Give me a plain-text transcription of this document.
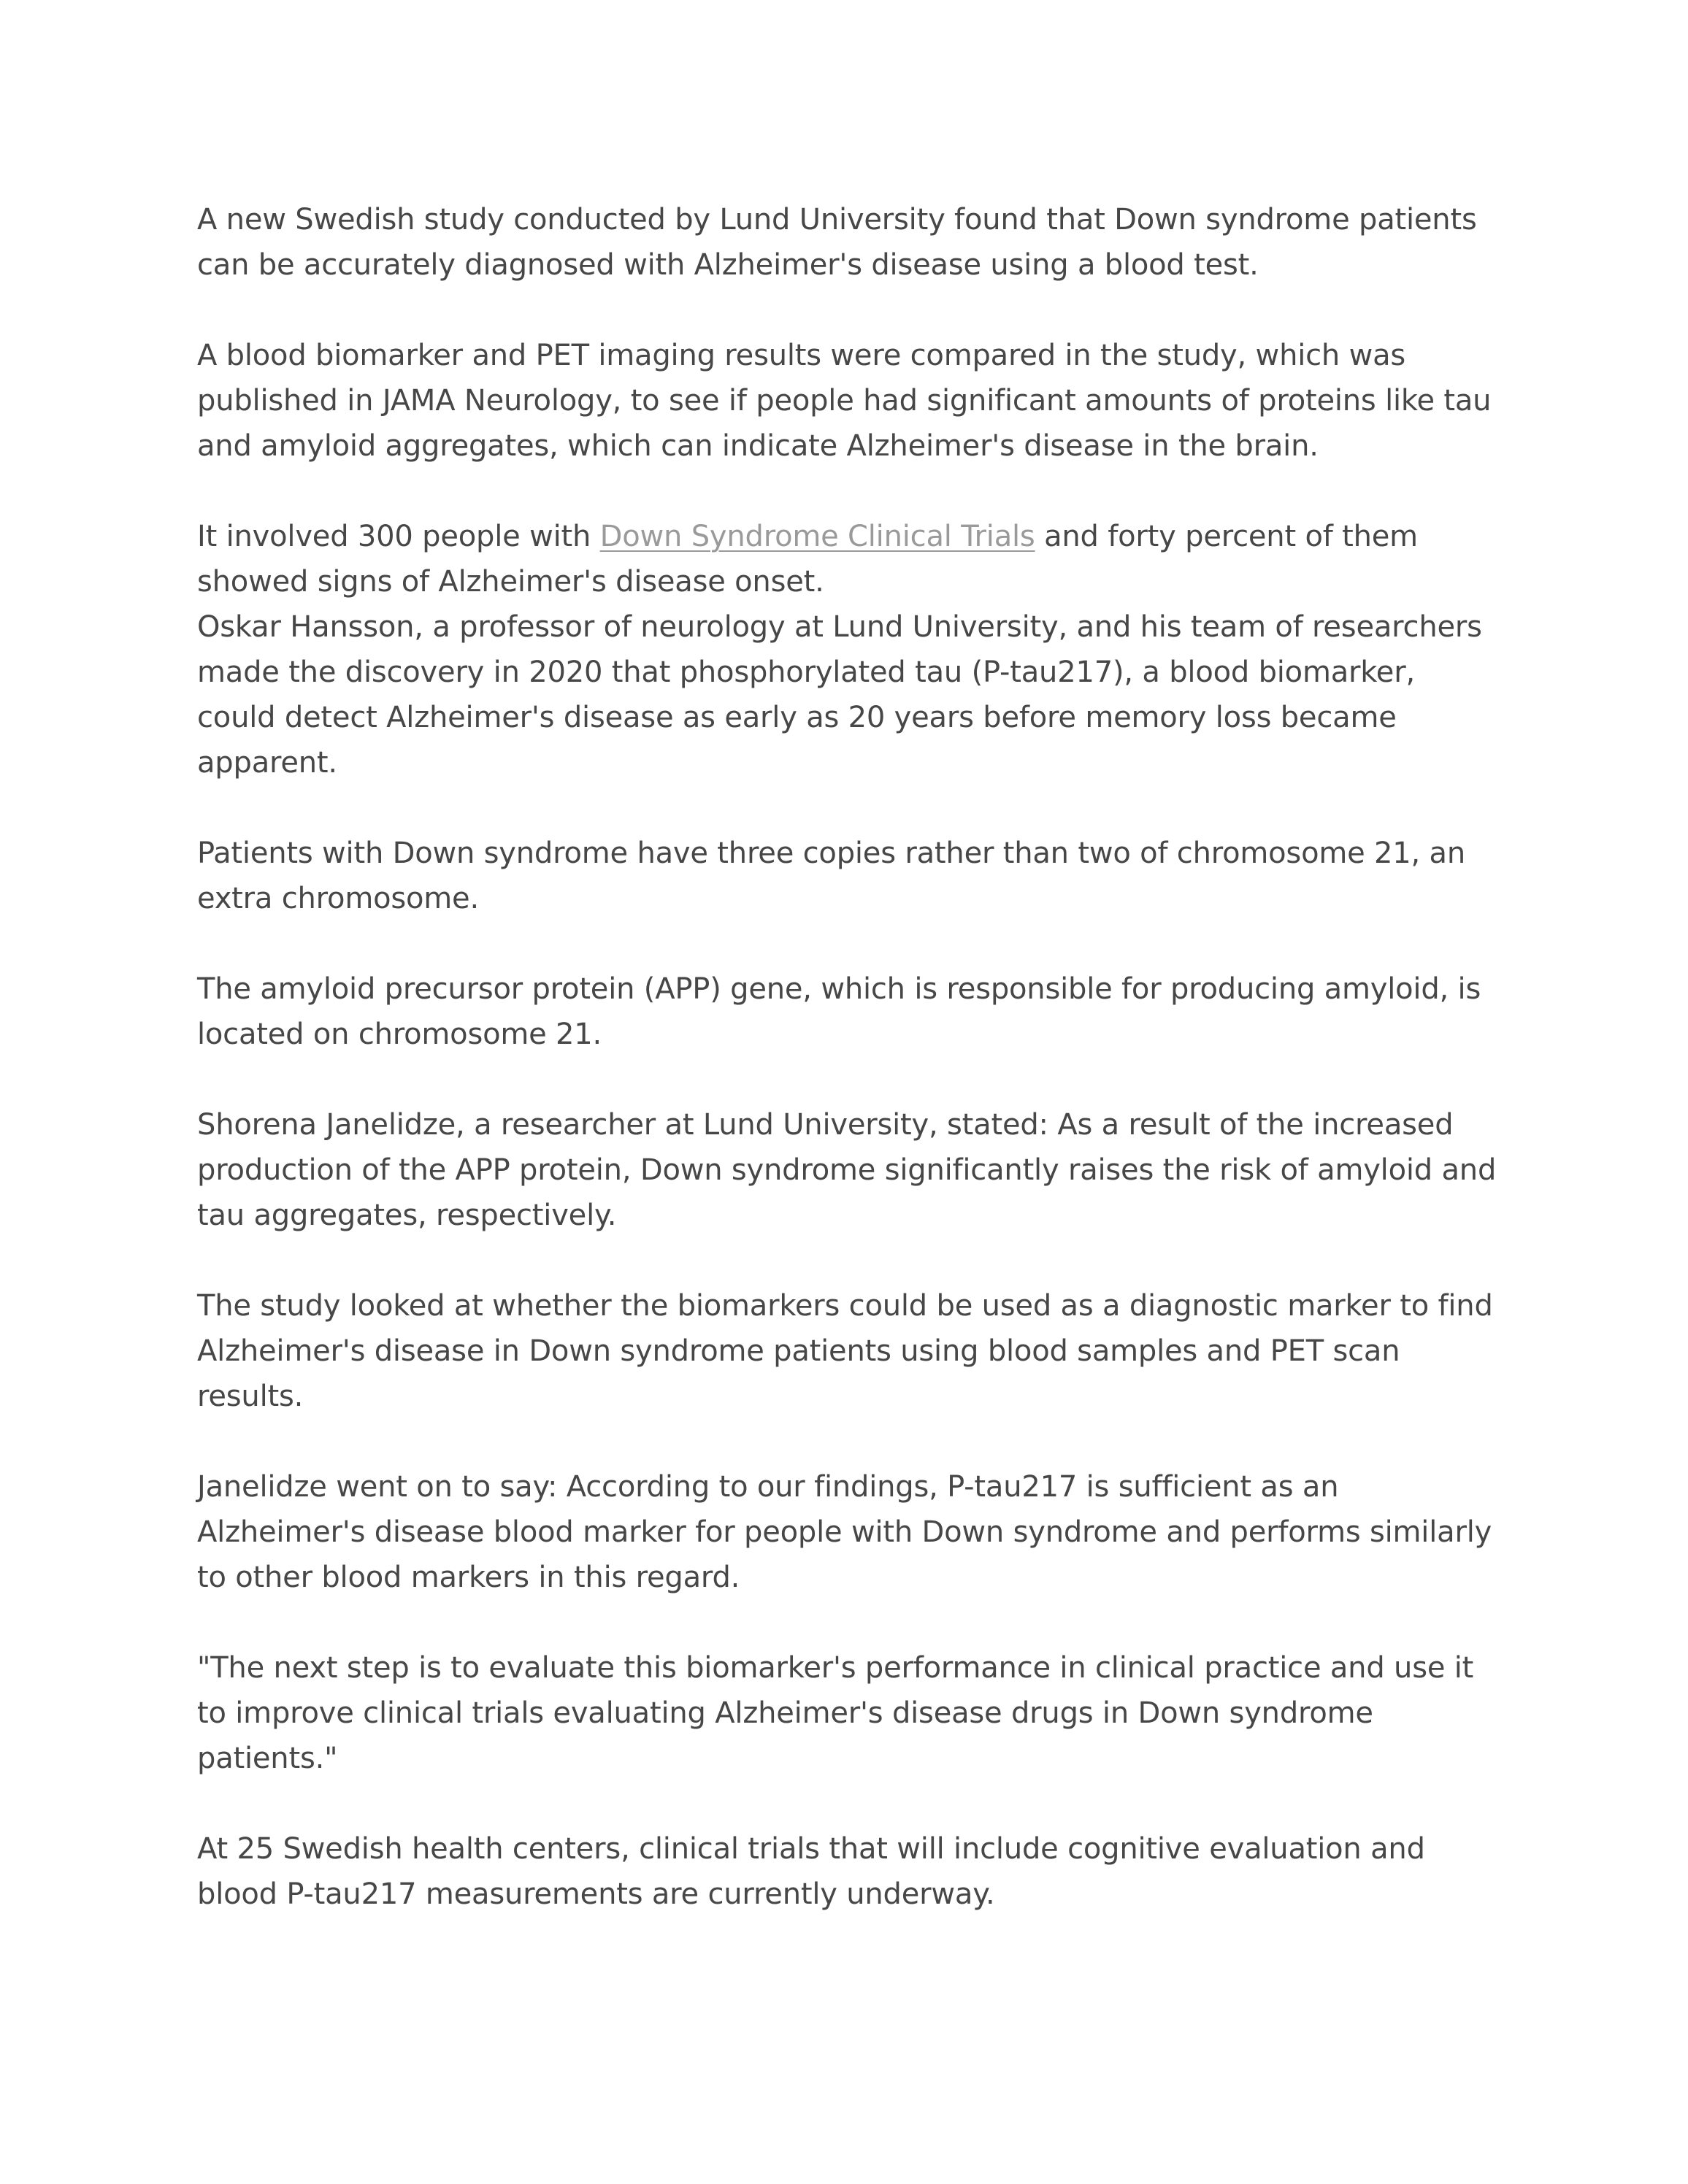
A new Swedish study conducted by Lund University found that Down syndrome patients can be accurately diagnosed with Alzheimer's disease using a blood test.

A blood biomarker and PET imaging results were compared in the study, which was published in JAMA Neurology, to see if people had significant amounts of proteins like tau and amyloid aggregates, which can indicate Alzheimer's disease in the brain.

It involved 300 people with Down Syndrome Clinical Trials and forty percent of them showed signs of Alzheimer's disease onset.

Oskar Hansson, a professor of neurology at Lund University, and his team of researchers made the discovery in 2020 that phosphorylated tau (P-tau217), a blood biomarker, could detect Alzheimer's disease as early as 20 years before memory loss became apparent.

Patients with Down syndrome have three copies rather than two of chromosome 21, an extra chromosome.

The amyloid precursor protein (APP) gene, which is responsible for producing amyloid, is located on chromosome 21.

Shorena Janelidze, a researcher at Lund University, stated: As a result of the increased production of the APP protein, Down syndrome significantly raises the risk of amyloid and tau aggregates, respectively.

The study looked at whether the biomarkers could be used as a diagnostic marker to find Alzheimer's disease in Down syndrome patients using blood samples and PET scan results.

Janelidze went on to say: According to our findings, P-tau217 is sufficient as an Alzheimer's disease blood marker for people with Down syndrome and performs similarly to other blood markers in this regard.

"The next step is to evaluate this biomarker's performance in clinical practice and use it to improve clinical trials evaluating Alzheimer's disease drugs in Down syndrome patients."

At 25 Swedish health centers, clinical trials that will include cognitive evaluation and blood P-tau217 measurements are currently underway.
